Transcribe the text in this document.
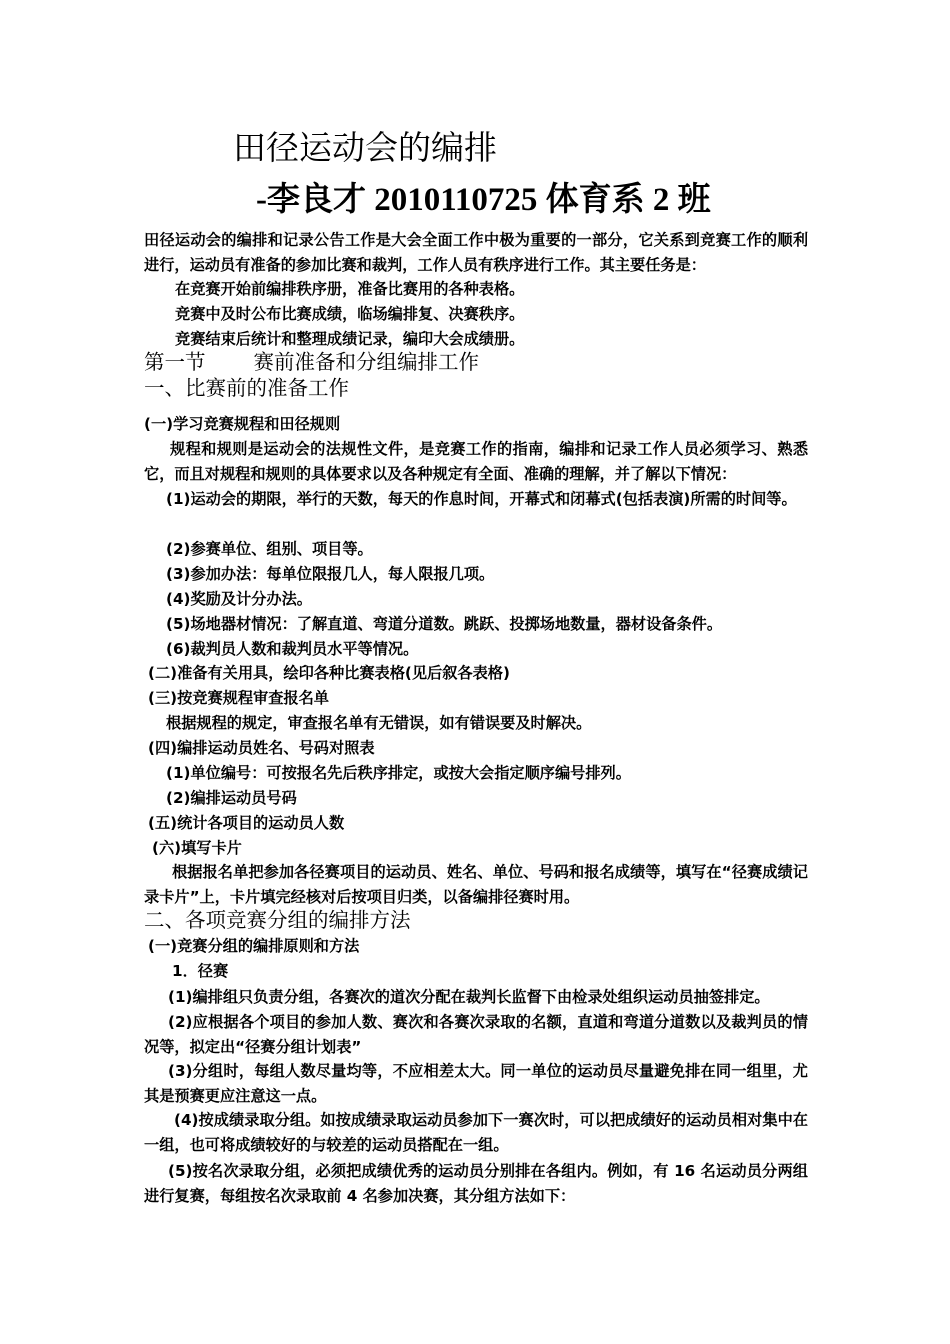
田径运动会的编排
-李良才 2010110725 体育系 2 班
田径运动会的编排和记录公告工作是大会全面工作中极为重要的一部分，它关系到竞赛工作的顺利进行，运动员有准备的参加比赛和裁判，工作人员有秩序进行工作。其主要任务是：
在竞赛开始前编排秩序册，准备比赛用的各种表格。
竞赛中及时公布比赛成绩，临场编排复、决赛秩序。
竞赛结束后统计和整理成绩记录，编印大会成绩册。
第一节 赛前准备和分组编排工作
一、比赛前的准备工作
(一)学习竞赛规程和田径规则
规程和规则是运动会的法规性文件，是竞赛工作的指南，编排和记录工作人员必须学习、熟悉它，而且对规程和规则的具体要求以及各种规定有全面、准确的理解，并了解以下情况：
(1)运动会的期限，举行的天数，每天的作息时间，开幕式和闭幕式(包括表演)所需的时间等。
(2)参赛单位、组别、项目等。
(3)参加办法：每单位限报几人，每人限报几项。
(4)奖励及计分办法。
(5)场地器材情况：了解直道、弯道分道数。跳跃、投掷场地数量，器材设备条件。
(6)裁判员人数和裁判员水平等情况。
(二)准备有关用具，绘印各种比赛表格(见后叙各表格)
(三)按竞赛规程审查报名单
根据规程的规定，审查报名单有无错误，如有错误要及时解决。
(四)编排运动员姓名、号码对照表
(1)单位编号：可按报名先后秩序排定，或按大会指定顺序编号排列。
(2)编排运动员号码
(五)统计各项目的运动员人数
(六)填写卡片
根据报名单把参加各径赛项目的运动员、姓名、单位、号码和报名成绩等，填写在“径赛成绩记录卡片”上，卡片填完经核对后按项目归类，以备编排径赛时用。
二、各项竞赛分组的编排方法
(一)竞赛分组的编排原则和方法
1．径赛
(1)编排组只负责分组，各赛次的道次分配在裁判长监督下由检录处组织运动员抽签排定。
(2)应根据各个项目的参加人数、赛次和各赛次录取的名额，直道和弯道分道数以及裁判员的情况等，拟定出“径赛分组计划表”
(3)分组时，每组人数尽量均等，不应相差太大。同一单位的运动员尽量避免排在同一组里，尤其是预赛更应注意这一点。
(4)按成绩录取分组。如按成绩录取运动员参加下一赛次时，可以把成绩好的运动员相对集中在一组，也可将成绩较好的与较差的运动员搭配在一组。
(5)按名次录取分组，必须把成绩优秀的运动员分别排在各组内。例如，有 16 名运动员分两组进行复赛，每组按名次录取前 4 名参加决赛，其分组方法如下：
